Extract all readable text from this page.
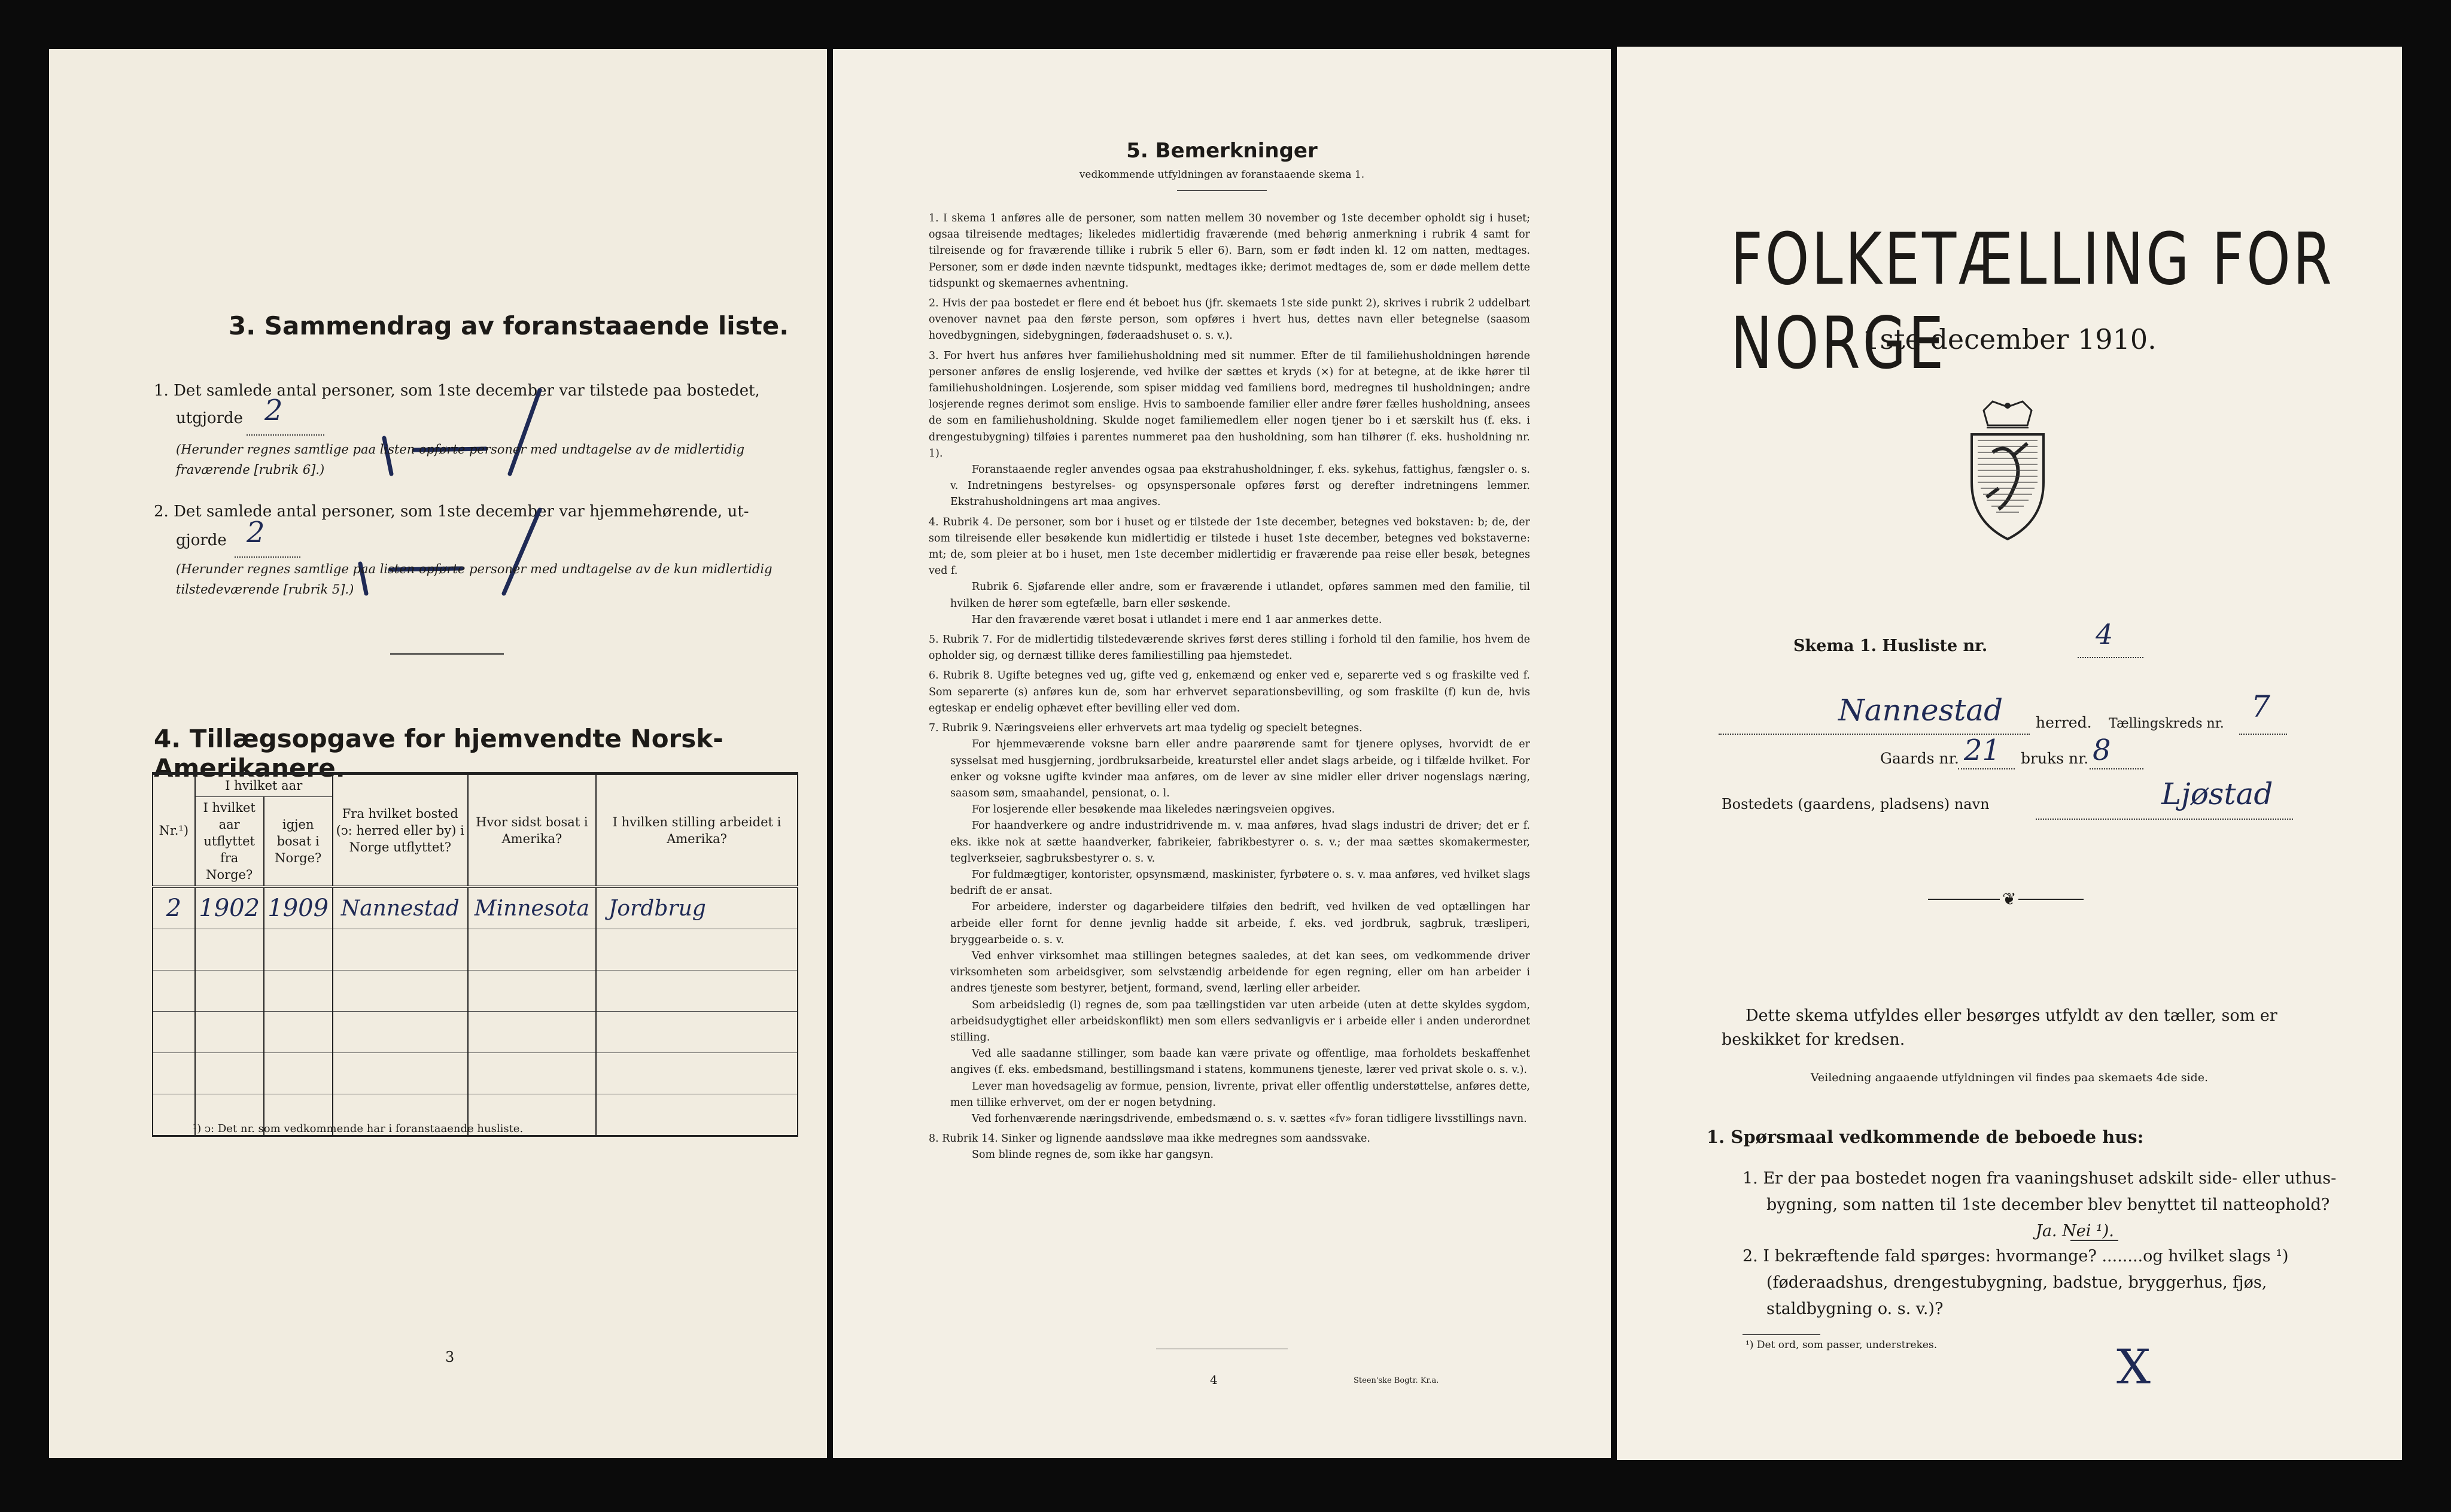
3. Sammendrag av foranstaaende liste.
1. Det samlede antal personer, som 1ste december var tilstede paa bostedet,
utgjorde 2
(Herunder regnes samtlige paa listen opførte personer med undtagelse av de midlertidig fraværende [rubrik 6].)
2. Det samlede antal personer, som 1ste december var hjemmehørende, ut-
gjorde 2
(Herunder regnes samtlige paa listen opførte personer med undtagelse av de kun midlertidig tilstedeværende [rubrik 5].)
4. Tillægsopgave for hjemvendte Norsk-Amerikanere.
Nr.¹)	I hvilket aar		Fra hvilket bosted (ↄ: herred eller by) i Norge utflyttet?	Hvor sidst bosat i Amerika?	I hvilken stilling arbeidet i Amerika?
	I hvilket aar utflyttet fra Norge?	igjen bosat i Norge?			
2	1902	1909	Nannestad	Minnesota	Jordbrug

¹) ↄ: Det nr. som vedkommende har i foranstaaende husliste.
3
5. Bemerkninger
vedkommende utfyldningen av foranstaaende skema 1.

1. I skema 1 anføres alle de personer, som natten mellem 30 november og 1ste december opholdt sig i huset; ogsaa tilreisende medtages; likeledes midlertidig fraværende (med behørig anmerkning i rubrik 4 samt for tilreisende og for fraværende tillike i rubrik 5 eller 6). Barn, som er født inden kl. 12 om natten, medtages. Personer, som er døde inden nævnte tidspunkt, medtages ikke; derimot medtages de, som er døde mellem dette tidspunkt og skemaernes avhentning.

2. Hvis der paa bostedet er flere end ét beboet hus (jfr. skemaets 1ste side punkt 2), skrives i rubrik 2 uddelbart ovenover navnet paa den første person, som opføres i hvert hus, dettes navn eller betegnelse (saasom hovedbygningen, sidebygningen, føderaadshuset o. s. v.).

3. For hvert hus anføres hver familiehusholdning med sit nummer. Efter de til familiehusholdningen hørende personer anføres de enslig losjerende, ved hvilke der sættes et kryds (×) for at betegne, at de ikke hører til familiehusholdningen. Losjerende, som spiser middag ved familiens bord, medregnes til husholdningen; andre losjerende regnes derimot som enslige. Hvis to samboende familier eller andre fører fælles husholdning, ansees de som en familiehusholdning. Skulde noget familiemedlem eller nogen tjener bo i et særskilt hus (f. eks. i drengestubygning) tilføies i parentes nummeret paa den husholdning, som han tilhører (f. eks. husholdning nr. 1).

Foranstaaende regler anvendes ogsaa paa ekstrahusholdninger, f. eks. sykehus, fattighus, fængsler o. s. v. Indretningens bestyrelses- og opsynspersonale opføres først og derefter indretningens lemmer. Ekstrahusholdningens art maa angives.

4. Rubrik 4. De personer, som bor i huset og er tilstede der 1ste december, betegnes ved bokstaven: b; de, der som tilreisende eller besøkende kun midlertidig er tilstede i huset 1ste december, betegnes ved bokstaverne: mt; de, som pleier at bo i huset, men 1ste december midlertidig er fraværende paa reise eller besøk, betegnes ved f.

Rubrik 6. Sjøfarende eller andre, som er fraværende i utlandet, opføres sammen med den familie, til hvilken de hører som egtefælle, barn eller søskende.

Har den fraværende været bosat i utlandet i mere end 1 aar anmerkes dette.

5. Rubrik 7. For de midlertidig tilstedeværende skrives først deres stilling i forhold til den familie, hos hvem de opholder sig, og dernæst tillike deres familiestilling paa hjemstedet.

6. Rubrik 8. Ugifte betegnes ved ug, gifte ved g, enkemænd og enker ved e, separerte ved s og fraskilte ved f. Som separerte (s) anføres kun de, som har erhvervet separationsbevilling, og som fraskilte (f) kun de, hvis egteskap er endelig ophævet efter bevilling eller ved dom.

7. Rubrik 9. Næringsveiens eller erhvervets art maa tydelig og specielt betegnes.

For hjemmeværende voksne barn eller andre paarørende samt for tjenere oplyses, hvorvidt de er sysselsat med husgjerning, jordbruksarbeide, kreaturstel eller andet slags arbeide, og i tilfælde hvilket. For enker og voksne ugifte kvinder maa anføres, om de lever av sine midler eller driver nogenslags næring, saasom søm, smaahandel, pensionat, o. l.

For losjerende eller besøkende maa likeledes næringsveien opgives.

For haandverkere og andre industridrivende m. v. maa anføres, hvad slags industri de driver; det er f. eks. ikke nok at sætte haandverker, fabrikeier, fabrikbestyrer o. s. v.; der maa sættes skomakermester, teglverkseier, sagbruksbestyrer o. s. v.

For fuldmægtiger, kontorister, opsynsmænd, maskinister, fyrbøtere o. s. v. maa anføres, ved hvilket slags bedrift de er ansat.

For arbeidere, inderster og dagarbeidere tilføies den bedrift, ved hvilken de ved optællingen har arbeide eller fornt for denne jevnlig hadde sit arbeide, f. eks. ved jordbruk, sagbruk, træsliperi, bryggearbeide o. s. v.

Ved enhver virksomhet maa stillingen betegnes saaledes, at det kan sees, om vedkommende driver virksomheten som arbeidsgiver, som selvstændig arbeidende for egen regning, eller om han arbeider i andres tjeneste som bestyrer, betjent, formand, svend, lærling eller arbeider.

Som arbeidsledig (l) regnes de, som paa tællingstiden var uten arbeide (uten at dette skyldes sygdom, arbeidsudygtighet eller arbeidskonflikt) men som ellers sedvanligvis er i arbeide eller i anden underordnet stilling.

Ved alle saadanne stillinger, som baade kan være private og offentlige, maa forholdets beskaffenhet angives (f. eks. embedsmand, bestillingsmand i statens, kommunens tjeneste, lærer ved privat skole o. s. v.).

Lever man hovedsagelig av formue, pension, livrente, privat eller offentlig understøttelse, anføres dette, men tillike erhvervet, om der er nogen betydning.

Ved forhenværende næringsdrivende, embedsmænd o. s. v. sættes «fv» foran tidligere livsstillings navn.

8. Rubrik 14. Sinker og lignende aandssløve maa ikke medregnes som aandssvake.

Som blinde regnes de, som ikke har gangsyn.

4	Steen'ske Bogtr. Kr.a.
FOLKETÆLLING FOR NORGE
1ste december 1910.
Skema 1. Husliste nr.	4
Nannestad herred. Tællingskreds nr. 7
Gaards nr. 21 bruks nr. 8
Bostedets (gaardens, pladsens) navn	Ljøstad
❦
Dette skema utfyldes eller besørges utfyldt av den tæller, som er beskikket for kredsen.
Veiledning angaaende utfyldningen vil findes paa skemaets 4de side.
1. Spørsmaal vedkommende de beboede hus:
1. Er der paa bostedet nogen fra vaaningshuset adskilt side- eller uthus-bygning, som natten til 1ste december blev benyttet til natteophold?
Ja. Nei ¹).
2. I bekræftende fald spørges: hvormange? ........og hvilket slags ¹) (føderaadshus, drengestubygning, badstue, bryggerhus, fjøs, staldbygning o. s. v.)?
¹) Det ord, som passer, understrekes.	X
